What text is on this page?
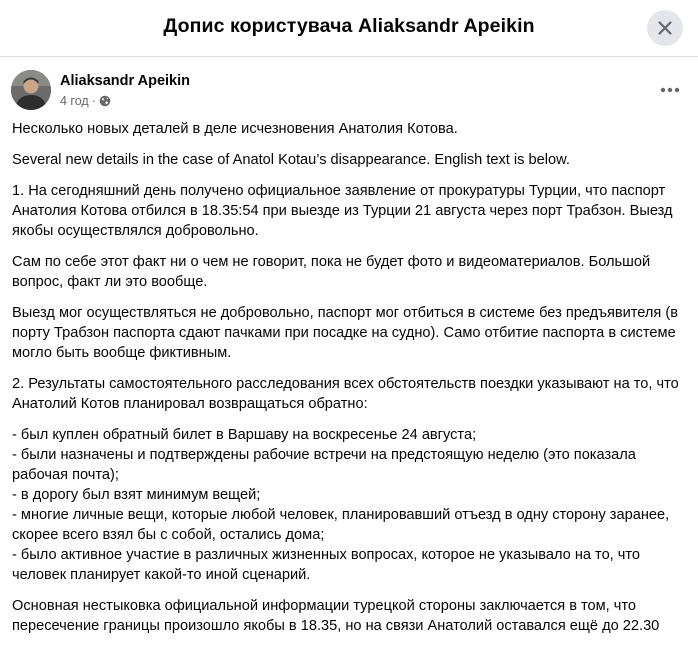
Допис користувача Aliaksandr Apeikin
Aliaksandr Apeikin
4 год ·

Несколько новых деталей в деле исчезновения Анатолия Котова.

Several new details in the case of Anatol Kotau’s disappearance. English text is below.

1. На сегодняшний день получено официальное заявление от прокуратуры Турции, что паспорт Анатолия Котова отбился в 18.35:54 при выезде из Турции 21 августа через порт Трабзон. Выезд якобы осуществлялся добровольно.

Сам по себе этот факт ни о чем не говорит, пока не будет фото и видеоматериалов. Большой вопрос, факт ли это вообще.

Выезд мог осуществляться не добровольно, паспорт мог отбиться в системе без предъявителя (в порту Трабзон паспорта сдают пачками при посадке на судно). Само отбитие паспорта в системе могло быть вообще фиктивным.

2. Результаты самостоятельного расследования всех обстоятельств поездки указывают на то, что Анатолий Котов планировал возвращаться обратно:

- был куплен обратный билет в Варшаву на воскресенье 24 августа;
- были назначены и подтверждены рабочие встречи на предстоящую неделю (это показала рабочая почта);
- в дорогу был взят минимум вещей;
- многие личные вещи, которые любой человек, планировавший отъезд в одну сторону заранее, скорее всего взял бы с собой, остались дома;
- было активное участие в различных жизненных вопросах, которое не указывало на то, что человек планирует какой-то иной сценарий.

Основная нестыковка официальной информации турецкой стороны заключается в том, что пересечение границы произошло якобы в 18.35, но на связи Анатолий оставался ещё до 22.30
